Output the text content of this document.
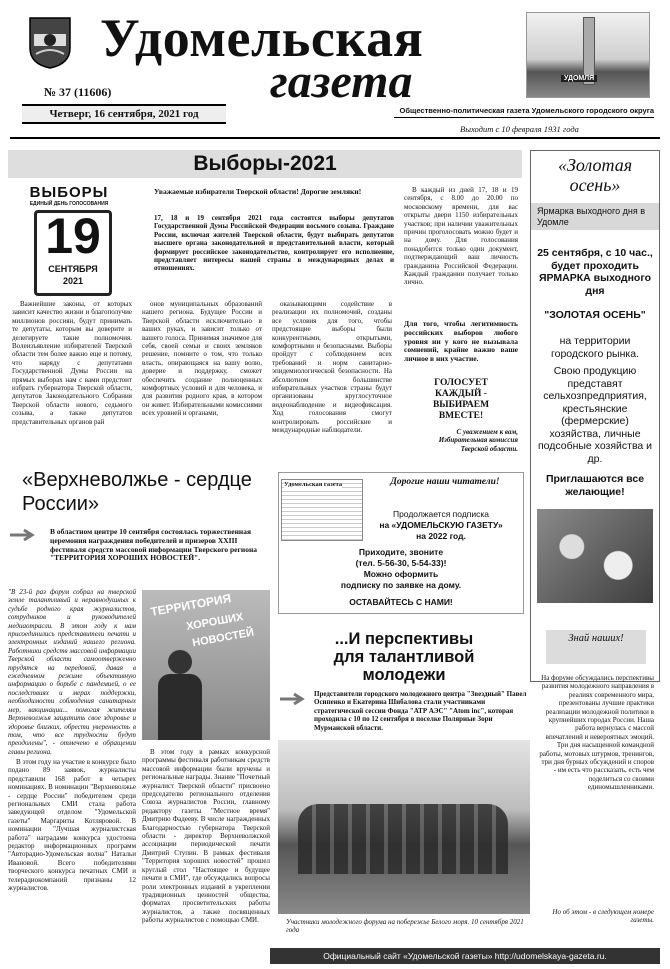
Удомельская
газета	УДОМЛЯ
№ 37 (11606)
Четверг, 16 сентября, 2021 год	Общественно-политическая газета Удомельского городского округа
Выходит с 10 февраля 1931 года
Выборы-2021
ВЫБОРЫ
ЕДИНЫЙ ДЕНЬ ГОЛОСОВАНИЯ
19
СЕНТЯБРЯ
2021
Уважаемые избиратели Тверской области! Дорогие земляки!
17, 18 и 19 сентября 2021 года состоятся выборы депутатов Государственной Думы Российской Федерации восьмого созыва. Граждане России, включая жителей Тверской области, будут выбирать депутатов высшего органа законодательной и представительной власти, который формирует российское законодательство, контролирует его исполнение, представляет интересы нашей страны в международных делах и отношениях.
Важнейшие законы, от которых зависит качество жизни и благополучие миллионов россиян, будут принимать те депутаты, которым вы доверите и делегируете такие полномочия. Волеизъявление избирателей Тверской области тем более важно еще и потому, что наряду с депутатами Государственной Думы России на прямых выборах нам с вами предстоит избрать губернатора Тверской области, депутатов Законодательного Собрания Тверской области нового, седьмого созыва, а также депутатов представительных органов рай
онов муниципальных образований нашего региона. Будущее России и Тверской области исключительно в ваших руках, и зависит только от вашего голоса. Принимая значимое для себя, своей семьи и своих земляков решение, помните о том, что только власть, опирающаяся на вашу волю, доверие и поддержку, сможет обеспечить создание полноценных комфортных условий и для человека, и для развития родного края, в котором он живет. Избирательными комиссиями всех уровней и органами,
оказывающими содействие в реализации их полномочий, созданы все условия для того, чтобы предстоящие выборы были конкурентными, открытыми, комфортными и безопасными. Выборы пройдут с соблюдением всех требований и норм санитарно-эпидемиологической безопасности. На абсолютном большинстве избирательных участков страны будут организованы круглосуточное видеонаблюдение и видеофиксация. Ход голосования смогут контролировать российские и международные наблюдатели.
В каждый из дней 17, 18 и 19 сентября, с 8.00 до 20.00 по московскому времени, для вас открыты двери 1150 избирательных участков; при наличии уважительных причин проголосовать можно будет и на дому. Для голосования понадобится только один документ, подтверждающий ваш личность гражданина Российской Федерации. Каждый гражданин получает только лично.
Для того, чтобы легитимность российских выборов любого уровня ни у кого не вызывала сомнений, крайне важно ваше личное в них участие.
ГОЛОСУЕТ КАЖДЫЙ - ВЫБИРАЕМ ВМЕСТЕ!
С уважением к вам, Избирательная комиссия Тверской области.
«Золотая осень»
Ярмарка выходного дня в Удомле
25 сентября, с 10 час., будет проходить ЯРМАРКА выходного дня
"ЗОЛОТАЯ ОСЕНЬ"
на территории городского рынка.
Свою продукцию представят сельхозпредприятия, крестьянские (фермерские) хозяйства, личные подсобные хозяйства и др.
Приглашаются все желающие!
«Верхневолжье - сердце России»
В областном центре 10 сентября состоялась торжественная церемония награждения победителей и призеров XXIII фестиваля средств массовой информации Тверского региона "ТЕРРИТОРИЯ ХОРОШИХ НОВОСТЕЙ".
"В 23-й раз форум собрал на тверской земле талантливый и неравнодушных к судьбе родного края журналистов, сотрудников и руководителей медиаотрасли. В этом году к нам присоединились представители печати и электронных изданий нашего региона. Работники средств массовой информации Тверской области самоотверженно трудятся на передовой, давая в ежедневном режиме объективную информацию о борьбе с пандемией, о ее последствиях и мерах поддержки, необходимости соблюдения санитарных мер, вакцинации... помогая жителям Верхневолжья защитить свое здоровье и здоровье близких, обрести уверенность в том, что все трудности будут преодолены", - отмечено в обращении главы региона.
ТЕРРИТОРИЯ
ХОРОШИХ
НОВОСТЕЙ
В этом году на участие в конкурсе было подано 89 заявок, журналисты представили 168 работ в четырех номинациях. В номинации "Верхневолжье - сердце России" победителем среди региональных СМИ стала работа заведующей отделом "Удомельской газеты" Маргариты Котляровой. В номинации "Лучшая журналистская работа" наградами конкурса удостоена редактор информационных программ "Авторадио-Удомельская волна" Натальи Ивановой. Всего победителями творческого конкурса печатных СМИ и телерадиокомпаний признаны 12 журналистов.
В этом году в рамках конкурсной программы фестиваля работникам средств массовой информации были вручены и региональные награды. Знание "Почетный журналист Тверской области" присвоено председателю регионального отделения Союза журналистов России, главному редактору газеты "Местное время" Дмитрию Фадееву. В числе награжденных Благодарностью губернатора Тверской области - директор Верхневолжской ассоциации периодической печати Дмитрий Ступин. В рамках фестиваля "Территория хороших новостей" прошел круглый стол "Настоящее и будущее печати в СМИ", где обсуждались вопросы роли электронных изданий в укреплении традиционных ценностей общества, форматах просветительских работы журналистов, а также посвященных работы журналистов с помощью СМИ.
Удомельская газета	Дорогие наши читатели!
Продолжается подписка
на «УДОМЕЛЬСКУЮ ГАЗЕТУ»
на 2022 год.
Приходите, звоните
(тел. 5-56-30, 5-54-33)!
Можно оформить
подписку по заявке на дому.
ОСТАВАЙТЕСЬ С НАМИ!
...И перспективы
для талантливой
молодежи
Представители городского молодежного центра "Звездный" Павел Осипенко и Екатерина Шибалова стали участниками стратегической сессии Фонда "АТР АЭС" "Atom inc", которая проходила с 10 по 12 сентября в поселке Полярные Зори Мурманской области.
Участники молодежного форума на побережье Белого моря. 10 сентября 2021 года
Знай наших!
На форуме обсуждались перспективы развития молодежного направления в реалиях современного мира, презентованы лучшие практики реализации молодежной политики в крупнейших городах России. Наша работа вернулась с массой впечатлений и невероятных эмоций. Три дня насыщенной командной работы, мотовых штурмов, тренингов, три дня бурных обсуждений и споров - им есть что рассказать, есть чем поделиться со своими единомышленниками.
Но об этом - в следующем номере газеты.
Официальный сайт «Удомельской газеты» http://udomelskaya-gazeta.ru.
